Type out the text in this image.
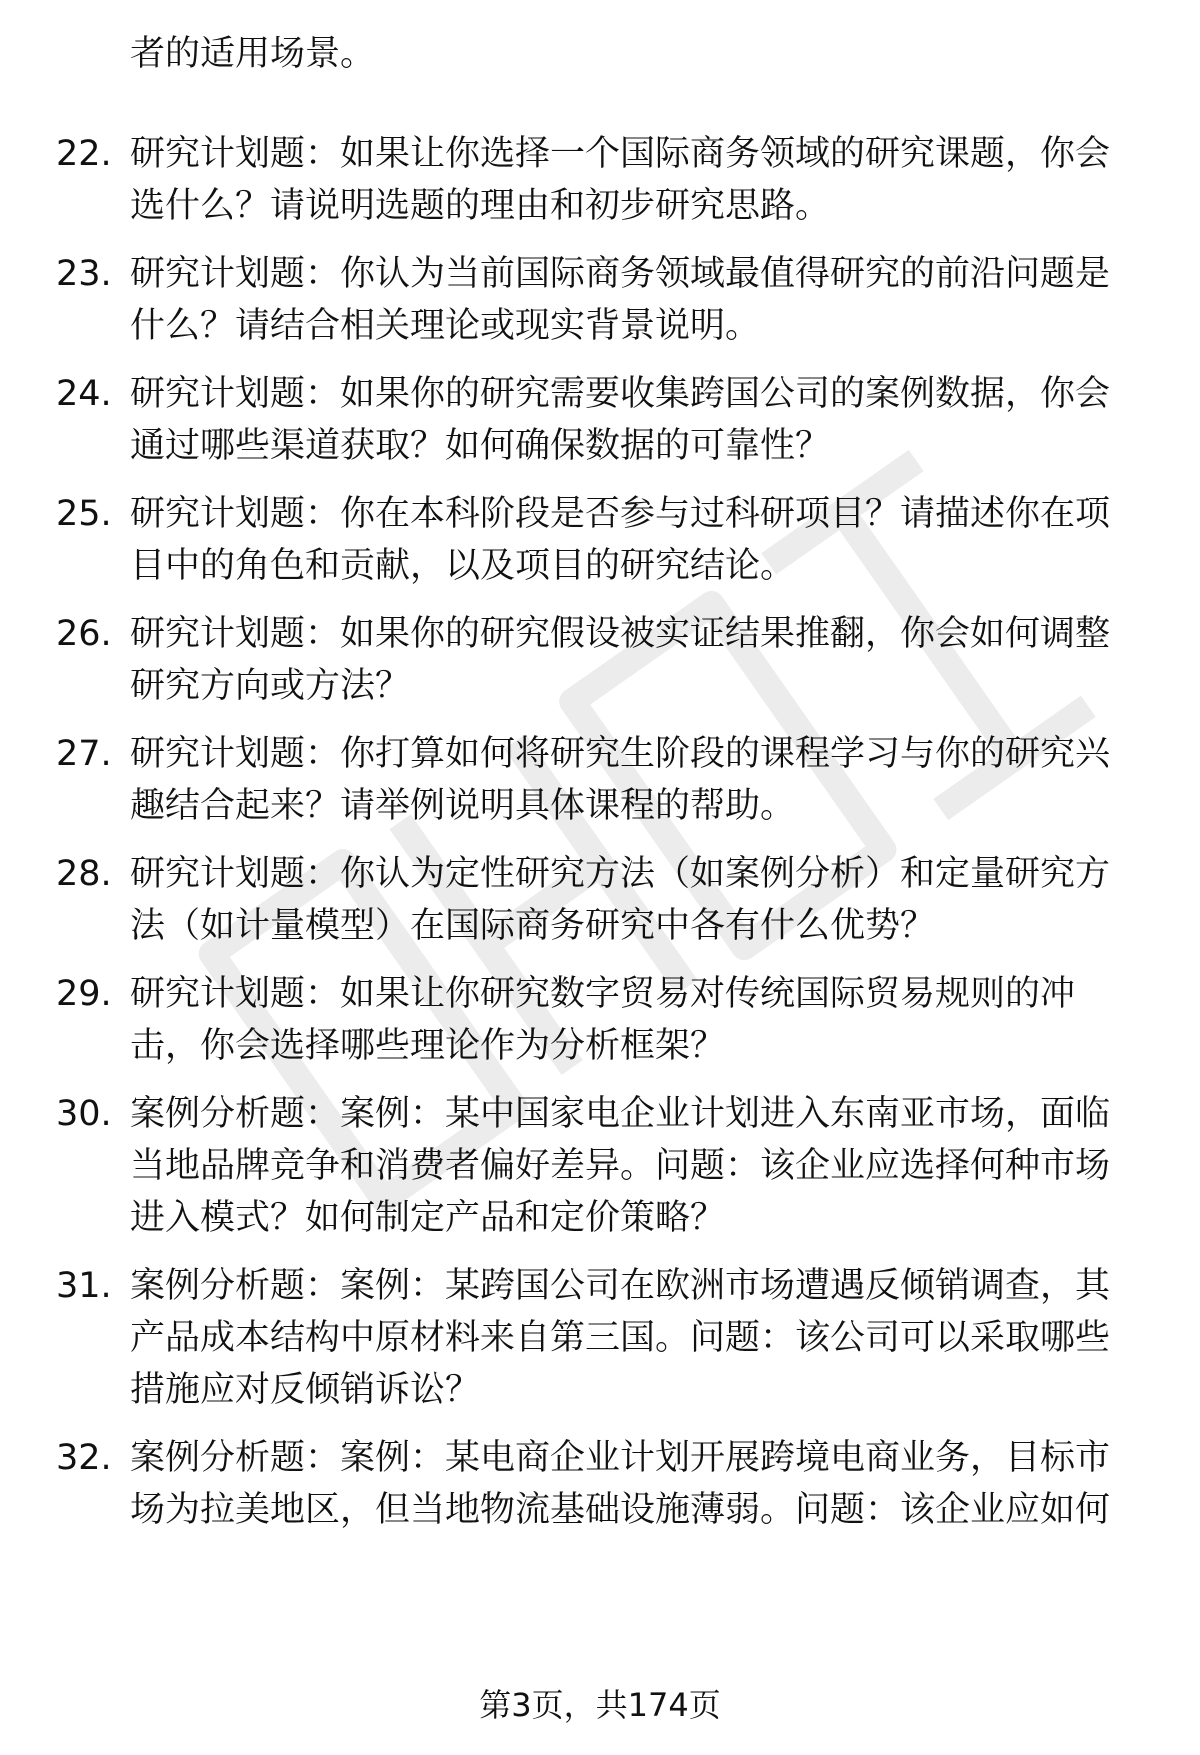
者的适用场景。
22. 研究计划题：如果让你选择一个国际商务领域的研究课题，你会选什么？请说明选题的理由和初步研究思路。
23. 研究计划题：你认为当前国际商务领域最值得研究的前沿问题是什么？请结合相关理论或现实背景说明。
24. 研究计划题：如果你的研究需要收集跨国公司的案例数据，你会通过哪些渠道获取？如何确保数据的可靠性？
25. 研究计划题：你在本科阶段是否参与过科研项目？请描述你在项目中的角色和贡献，以及项目的研究结论。
26. 研究计划题：如果你的研究假设被实证结果推翻，你会如何调整研究方向或方法？
27. 研究计划题：你打算如何将研究生阶段的课程学习与你的研究兴趣结合起来？请举例说明具体课程的帮助。
28. 研究计划题：你认为定性研究方法（如案例分析）和定量研究方法（如计量模型）在国际商务研究中各有什么优势？
29. 研究计划题：如果让你研究数字贸易对传统国际贸易规则的冲击，你会选择哪些理论作为分析框架？
30. 案例分析题：案例：某中国家电企业计划进入东南亚市场，面临当地品牌竞争和消费者偏好差异。问题：该企业应选择何种市场进入模式？如何制定产品和定价策略？
31. 案例分析题：案例：某跨国公司在欧洲市场遭遇反倾销调查，其产品成本结构中原材料来自第三国。问题：该公司可以采取哪些措施应对反倾销诉讼？
32. 案例分析题：案例：某电商企业计划开展跨境电商业务，目标市场为拉美地区，但当地物流基础设施薄弱。问题：该企业应如何
第3页，共174页
